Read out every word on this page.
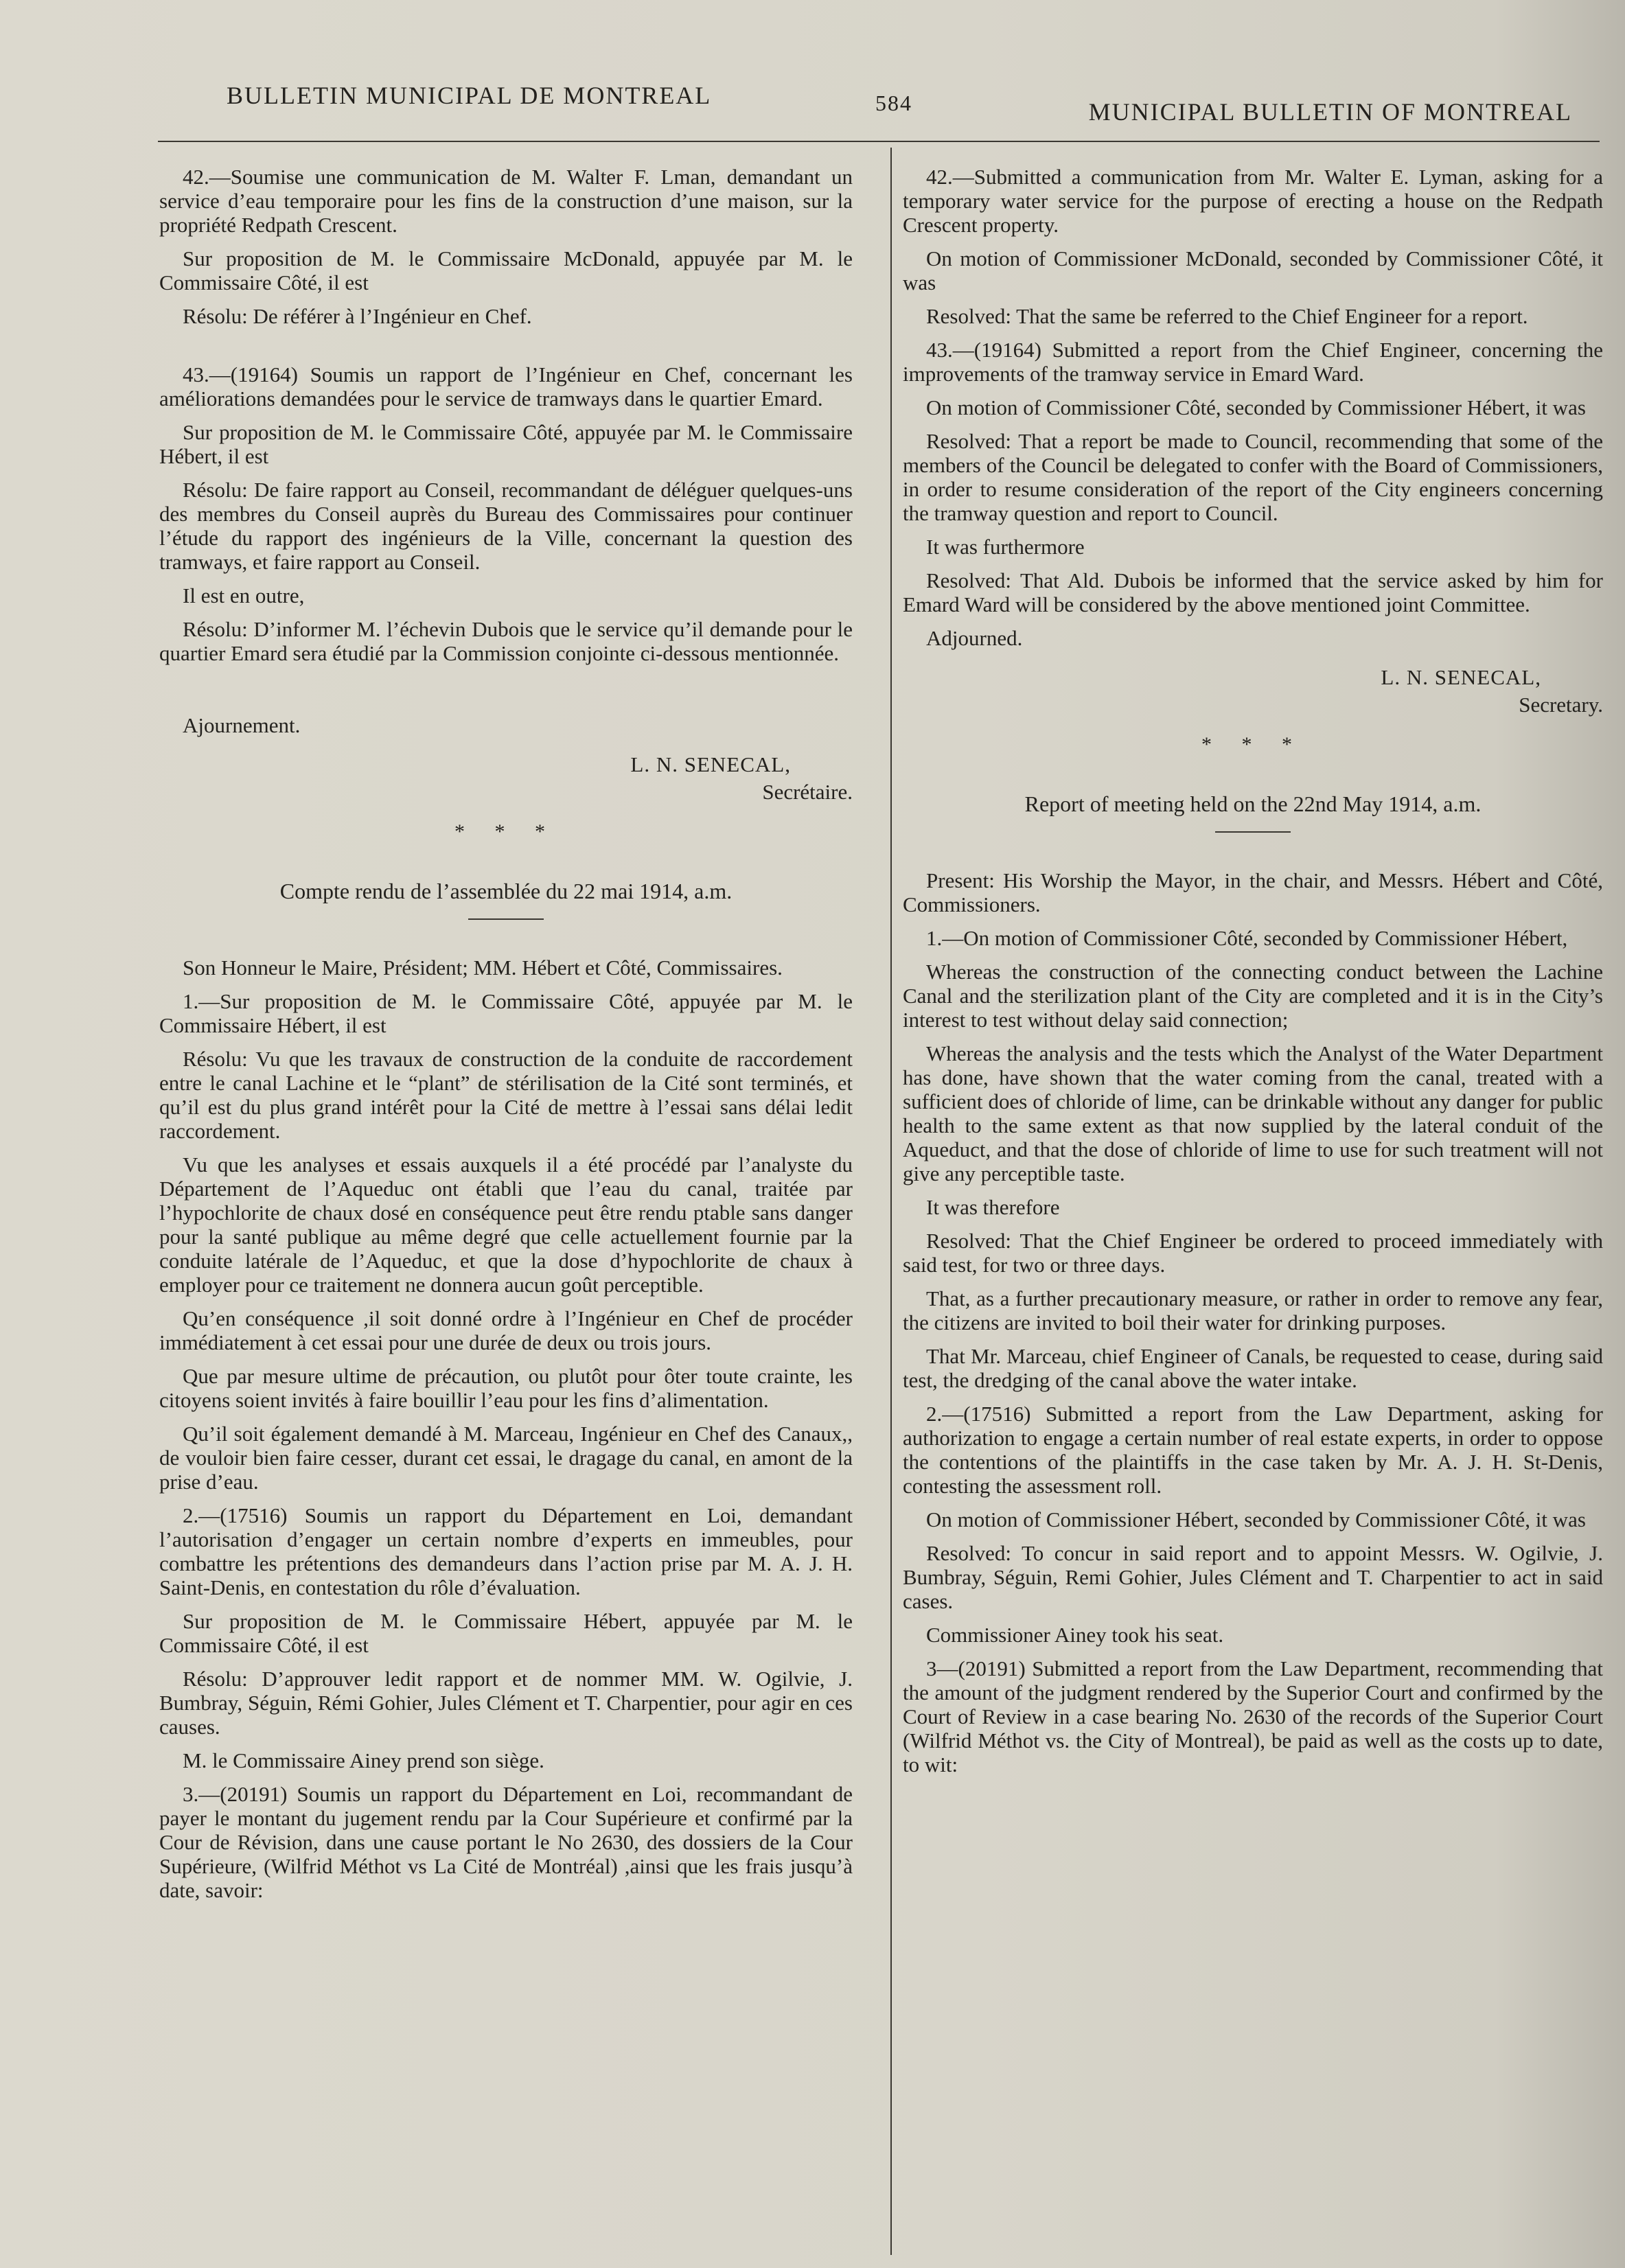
BULLETIN MUNICIPAL DE MONTREAL	584	MUNICIPAL BULLETIN OF MONTREAL

42.—Soumise une communication de M. Walter F. Lman, demandant un service d’eau temporaire pour les fins de la construction d’une maison, sur la propriété Redpath Crescent.

Sur proposition de M. le Commissaire McDonald, appuyée par M. le Commissaire Côté, il est

Résolu: De référer à l’Ingénieur en Chef.

43.—(19164) Soumis un rapport de l’Ingénieur en Chef, concernant les améliorations demandées pour le service de tramways dans le quartier Emard.

Sur proposition de M. le Commissaire Côté, appuyée par M. le Commissaire Hébert, il est

Résolu: De faire rapport au Conseil, recommandant de déléguer quelques-uns des membres du Conseil auprès du Bureau des Commissaires pour continuer l’étude du rapport des ingénieurs de la Ville, concernant la question des tramways, et faire rapport au Conseil.

Il est en outre,

Résolu: D’informer M. l’échevin Dubois que le service qu’il demande pour le quartier Emard sera étudié par la Commission conjointe ci-dessous mentionnée.

Ajournement.

L. N. SENECAL,
Secrétaire.
* * *
Compte rendu de l’assemblée du 22 mai 1914, a.m.

Son Honneur le Maire, Président; MM. Hébert et Côté, Commissaires.

1.—Sur proposition de M. le Commissaire Côté, appuyée par M. le Commissaire Hébert, il est

Résolu: Vu que les travaux de construction de la conduite de raccordement entre le canal Lachine et le “plant” de stérilisation de la Cité sont terminés, et qu’il est du plus grand intérêt pour la Cité de mettre à l’essai sans délai ledit raccordement.

Vu que les analyses et essais auxquels il a été procédé par l’analyste du Département de l’Aqueduc ont établi que l’eau du canal, traitée par l’hypochlorite de chaux dosé en conséquence peut être rendu ptable sans danger pour la santé publique au même degré que celle actuellement fournie par la conduite latérale de l’Aqueduc, et que la dose d’hypochlorite de chaux à employer pour ce traitement ne donnera aucun goût perceptible.

Qu’en conséquence ,il soit donné ordre à l’Ingénieur en Chef de procéder immédiatement à cet essai pour une durée de deux ou trois jours.

Que par mesure ultime de précaution, ou plutôt pour ôter toute crainte, les citoyens soient invités à faire bouillir l’eau pour les fins d’alimentation.

Qu’il soit également demandé à M. Marceau, Ingénieur en Chef des Canaux,, de vouloir bien faire cesser, durant cet essai, le dragage du canal, en amont de la prise d’eau.

2.—(17516) Soumis un rapport du Département en Loi, demandant l’autorisation d’engager un certain nombre d’experts en immeubles, pour combattre les prétentions des demandeurs dans l’action prise par M. A. J. H. Saint-Denis, en contestation du rôle d’évaluation.

Sur proposition de M. le Commissaire Hébert, appuyée par M. le Commissaire Côté, il est

Résolu: D’approuver ledit rapport et de nommer MM. W. Ogilvie, J. Bumbray, Séguin, Rémi Gohier, Jules Clément et T. Charpentier, pour agir en ces causes.

M. le Commissaire Ainey prend son siège.

3.—(20191) Soumis un rapport du Département en Loi, recommandant de payer le montant du jugement rendu par la Cour Supérieure et confirmé par la Cour de Révision, dans une cause portant le No 2630, des dossiers de la Cour Supérieure, (Wilfrid Méthot vs La Cité de Montréal) ,ainsi que les frais jusqu’à date, savoir:

42.—Submitted a communication from Mr. Walter E. Lyman, asking for a temporary water service for the purpose of erecting a house on the Redpath Crescent property.

On motion of Commissioner McDonald, seconded by Commissioner Côté, it was

Resolved: That the same be referred to the Chief Engineer for a report.

43.—(19164) Submitted a report from the Chief Engineer, concerning the improvements of the tramway service in Emard Ward.

On motion of Commissioner Côté, seconded by Commissioner Hébert, it was

Resolved: That a report be made to Council, recommending that some of the members of the Council be delegated to confer with the Board of Commissioners, in order to resume consideration of the report of the City engineers concerning the tramway question and report to Council.

It was furthermore

Resolved: That Ald. Dubois be informed that the service asked by him for Emard Ward will be considered by the above mentioned joint Committee.

Adjourned.

L. N. SENECAL,
Secretary.
* * *
Report of meeting held on the 22nd May 1914, a.m.

Present: His Worship the Mayor, in the chair, and Messrs. Hébert and Côté, Commissioners.

1.—On motion of Commissioner Côté, seconded by Commissioner Hébert,

Whereas the construction of the connecting conduct between the Lachine Canal and the sterilization plant of the City are completed and it is in the City’s interest to test without delay said connection;

Whereas the analysis and the tests which the Analyst of the Water Department has done, have shown that the water coming from the canal, treated with a sufficient does of chloride of lime, can be drinkable without any danger for public health to the same extent as that now supplied by the lateral conduit of the Aqueduct, and that the dose of chloride of lime to use for such treatment will not give any perceptible taste.

It was therefore

Resolved: That the Chief Engineer be ordered to proceed immediately with said test, for two or three days.

That, as a further precautionary measure, or rather in order to remove any fear, the citizens are invited to boil their water for drinking purposes.

That Mr. Marceau, chief Engineer of Canals, be requested to cease, during said test, the dredging of the canal above the water intake.

2.—(17516) Submitted a report from the Law Department, asking for authorization to engage a certain number of real estate experts, in order to oppose the contentions of the plaintiffs in the case taken by Mr. A. J. H. St-Denis, contesting the assessment roll.

On motion of Commissioner Hébert, seconded by Commissioner Côté, it was

Resolved: To concur in said report and to appoint Messrs. W. Ogilvie, J. Bumbray, Séguin, Remi Gohier, Jules Clément and T. Charpentier to act in said cases.

Commissioner Ainey took his seat.

3—(20191) Submitted a report from the Law Department, recommending that the amount of the judgment rendered by the Superior Court and confirmed by the Court of Review in a case bearing No. 2630 of the records of the Superior Court (Wilfrid Méthot vs. the City of Montreal), be paid as well as the costs up to date, to wit:
